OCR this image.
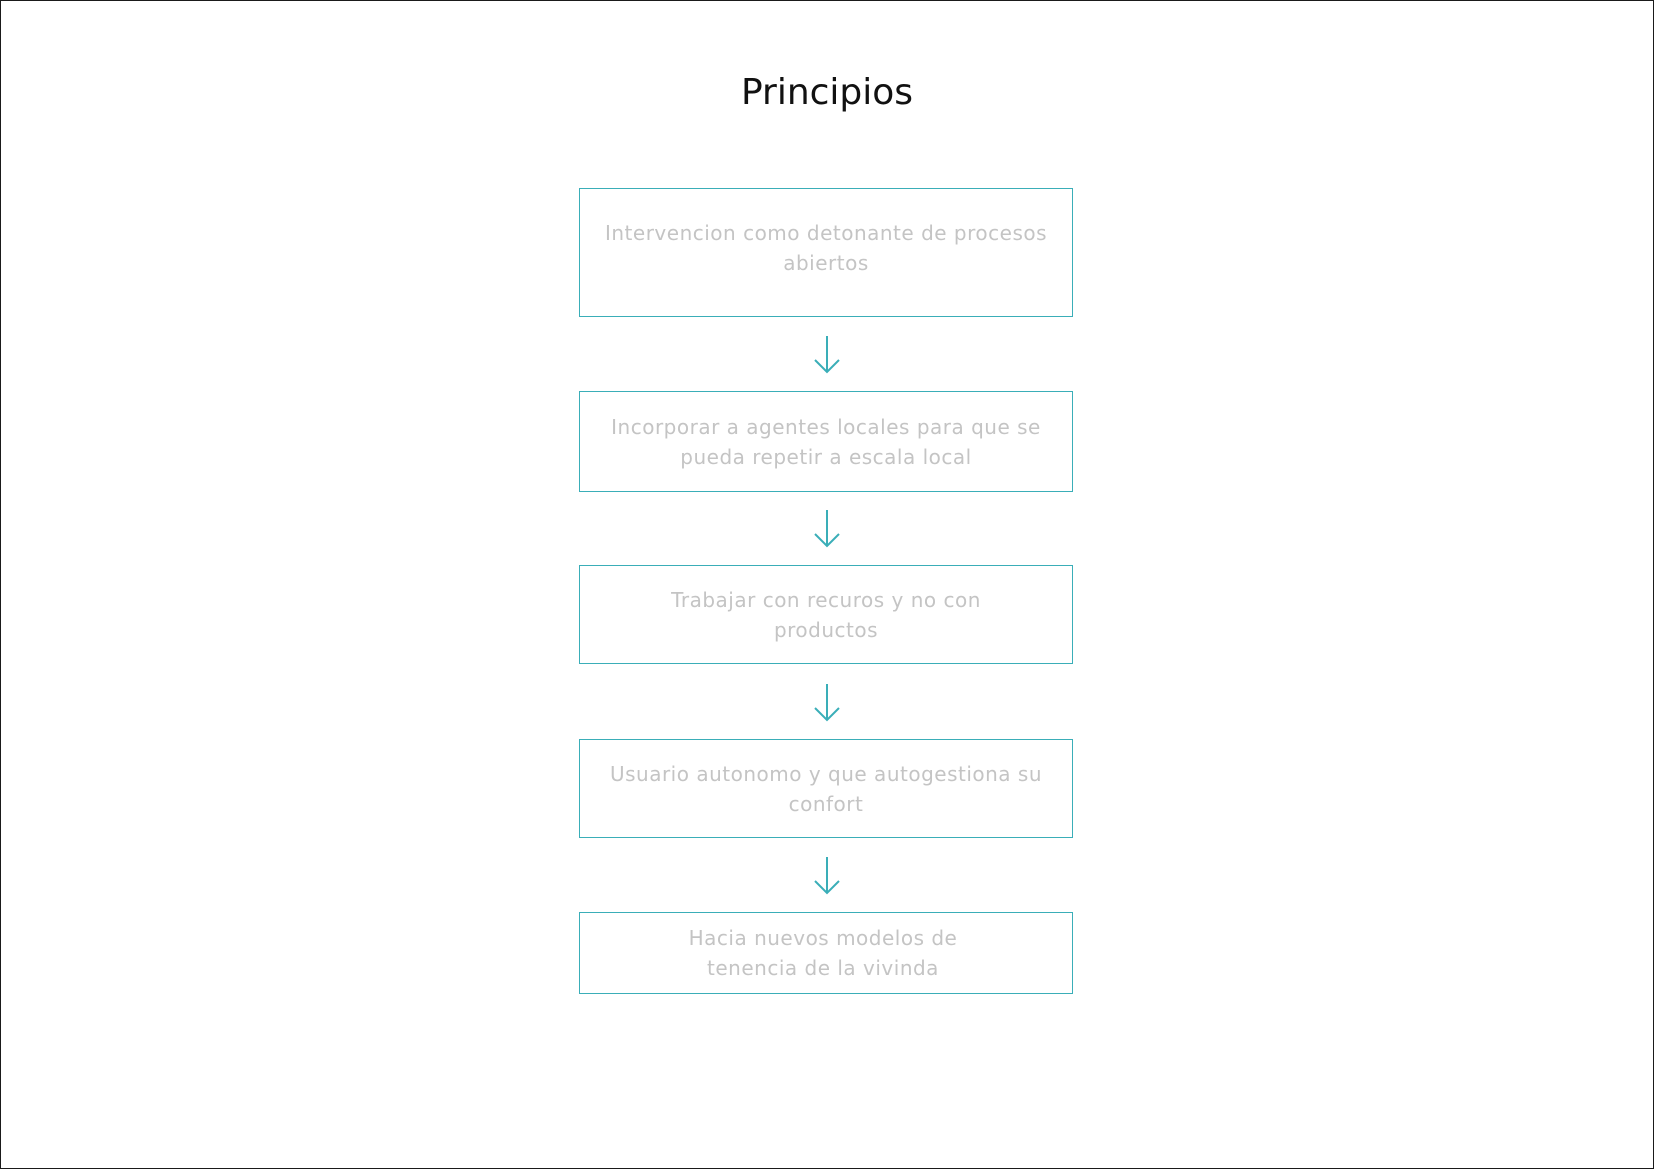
Principios
Intervencion como detonante de procesos
abiertos
Incorporar a agentes locales para que se
pueda repetir a escala local
Trabajar con recuros y no con
productos
Usuario autonomo y que autogestiona su
confort
Hacia nuevos modelos de
tenencia de la vivinda
